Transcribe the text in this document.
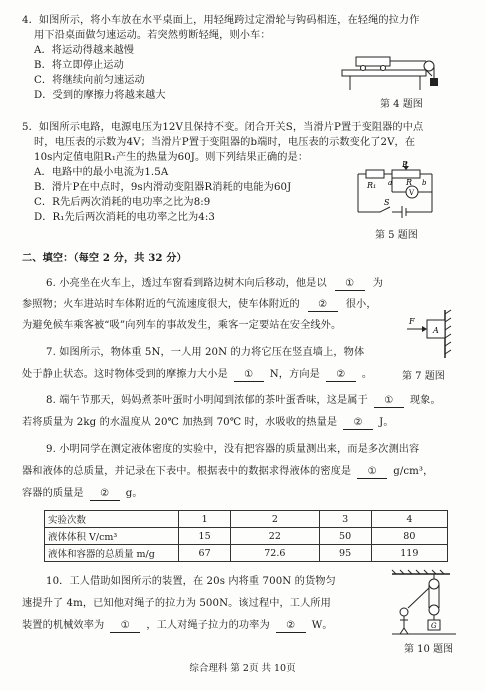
4．如图所示，将小车放在水平桌面上，用轻绳跨过定滑轮与钩码相连，在轻绳的拉力作
用下沿桌面做匀速运动。若突然剪断轻绳，则小车：
A．将运动得越来越慢
B．将立即停止运动
C．将继续向前匀速运动
D．受到的摩擦力将越来越大
第 4 题图
5．如图所示电路，电源电压为12V且保持不变。闭合开关S，当滑片P置于变阻器的中点
时，电压表的示数为4V；当滑片P置于变阻器的b端时，电压表的示数变化了2V，在
10s内定值电阻R₁产生的热量为60J。则下列结果正确的是：
A．电路中的最小电流为1.5A
B．滑片P在中点时，9s内滑动变阻器R消耗的电能为60J
C．R先后两次消耗的电功率之比为8:9
D．R₁先后两次消耗的电功率之比为4:3
P
R₁ a R b
V
S
第 5 题图
二、填空：（每空 2 分，共 32 分）
6. 小亮坐在火车上，透过车窗看到路边树木向后移动，他是以 ① 为
参照物；火车进站时车体附近的气流速度很大，使车体附近的 ② 很小，
为避免候车乘客被“吸”向列车的事故发生，乘客一定要站在安全线外。
7. 如图所示，物体重 5N，一人用 20N 的力将它压在竖直墙上，物体
处于静止状态。这时物体受到的摩擦力大小是 ① N，方向是 ② 。
F
A
第 7 题图
8. 端午节那天，妈妈煮茶叶蛋时小明闻到浓郁的茶叶蛋香味，这是属于 ① 现象。
若将质量为 2kg 的水温度从 20℃ 加热到 70℃ 时，水吸收的热量是 ② J。
9. 小明同学在测定液体密度的实验中，没有把容器的质量测出来，而是多次测出容
器和液体的总质量，并记录在下表中。根据表中的数据求得液体的密度是 ① g/cm³，
容器的质量是 ② g。
实验次数	1	2	3	4
液体体积 V/cm³	15	22	50	80
液体和容器的总质量 m/g	67	72.6	95	119
10．工人借助如图所示的装置，在 20s 内将重 700N 的货物匀
速提升了 4m，已知他对绳子的拉力为 500N。该过程中，工人所用
装置的机械效率为 ① ，工人对绳子拉力的功率为 ② W。	G
第 10 题图
综合理科 第 2页 共 10页
